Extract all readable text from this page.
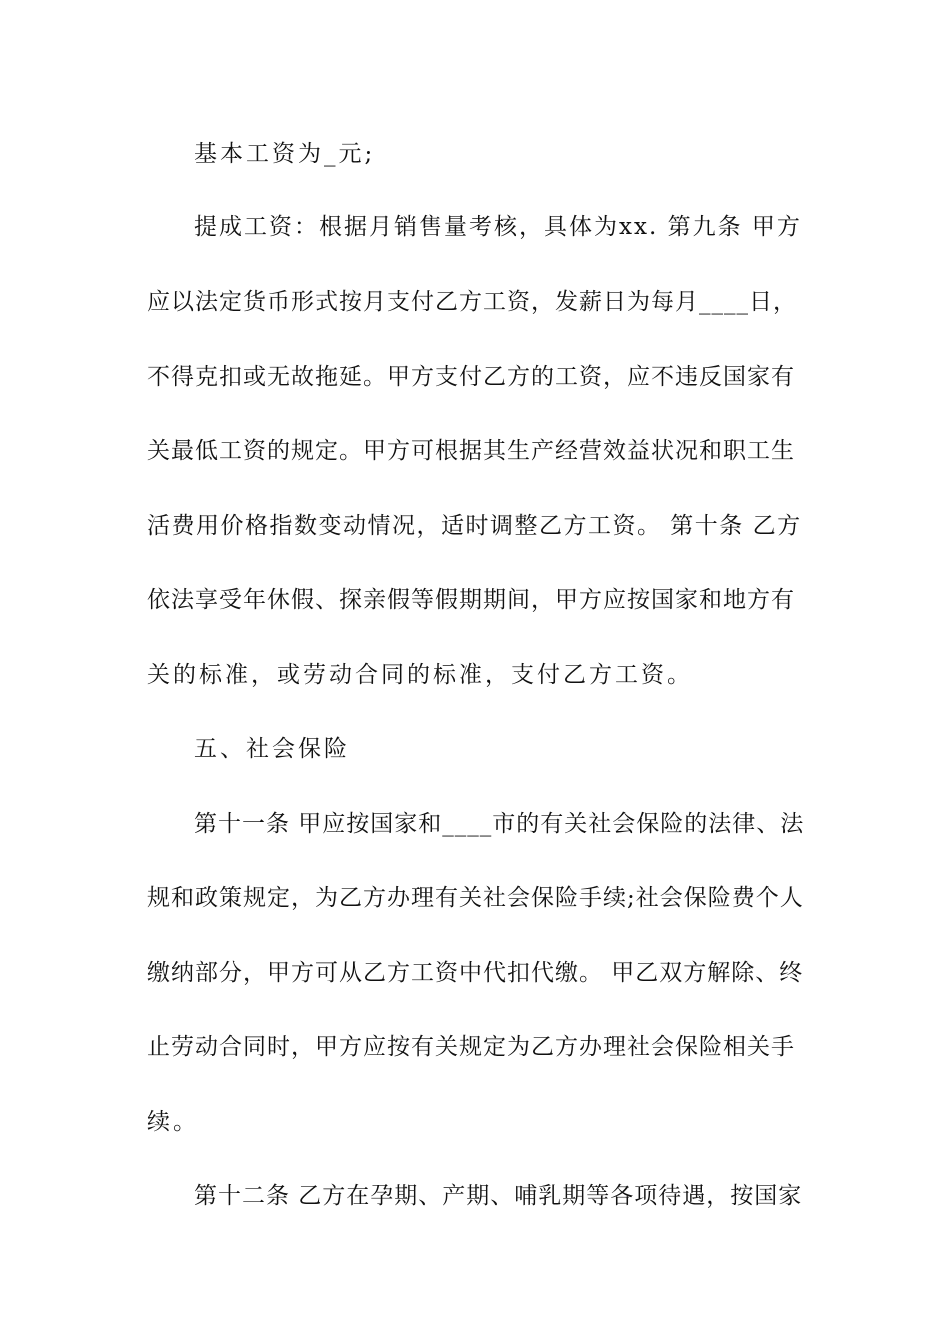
基本工资为_元;
提成工资：根据月销售量考核，具体为xx. 第九条 甲方
应以法定货币形式按月支付乙方工资，发薪日为每月____日，
不得克扣或无故拖延。甲方支付乙方的工资，应不违反国家有
关最低工资的规定。甲方可根据其生产经营效益状况和职工生
活费用价格指数变动情况，适时调整乙方工资。 第十条 乙方
依法享受年休假、探亲假等假期期间，甲方应按国家和地方有
关的标准，或劳动合同的标准，支付乙方工资。
五、社会保险
第十一条 甲应按国家和____市的有关社会保险的法律、法
规和政策规定，为乙方办理有关社会保险手续;社会保险费个人
缴纳部分，甲方可从乙方工资中代扣代缴。 甲乙双方解除、终
止劳动合同时，甲方应按有关规定为乙方办理社会保险相关手
续。
第十二条 乙方在孕期、产期、哺乳期等各项待遇，按国家
